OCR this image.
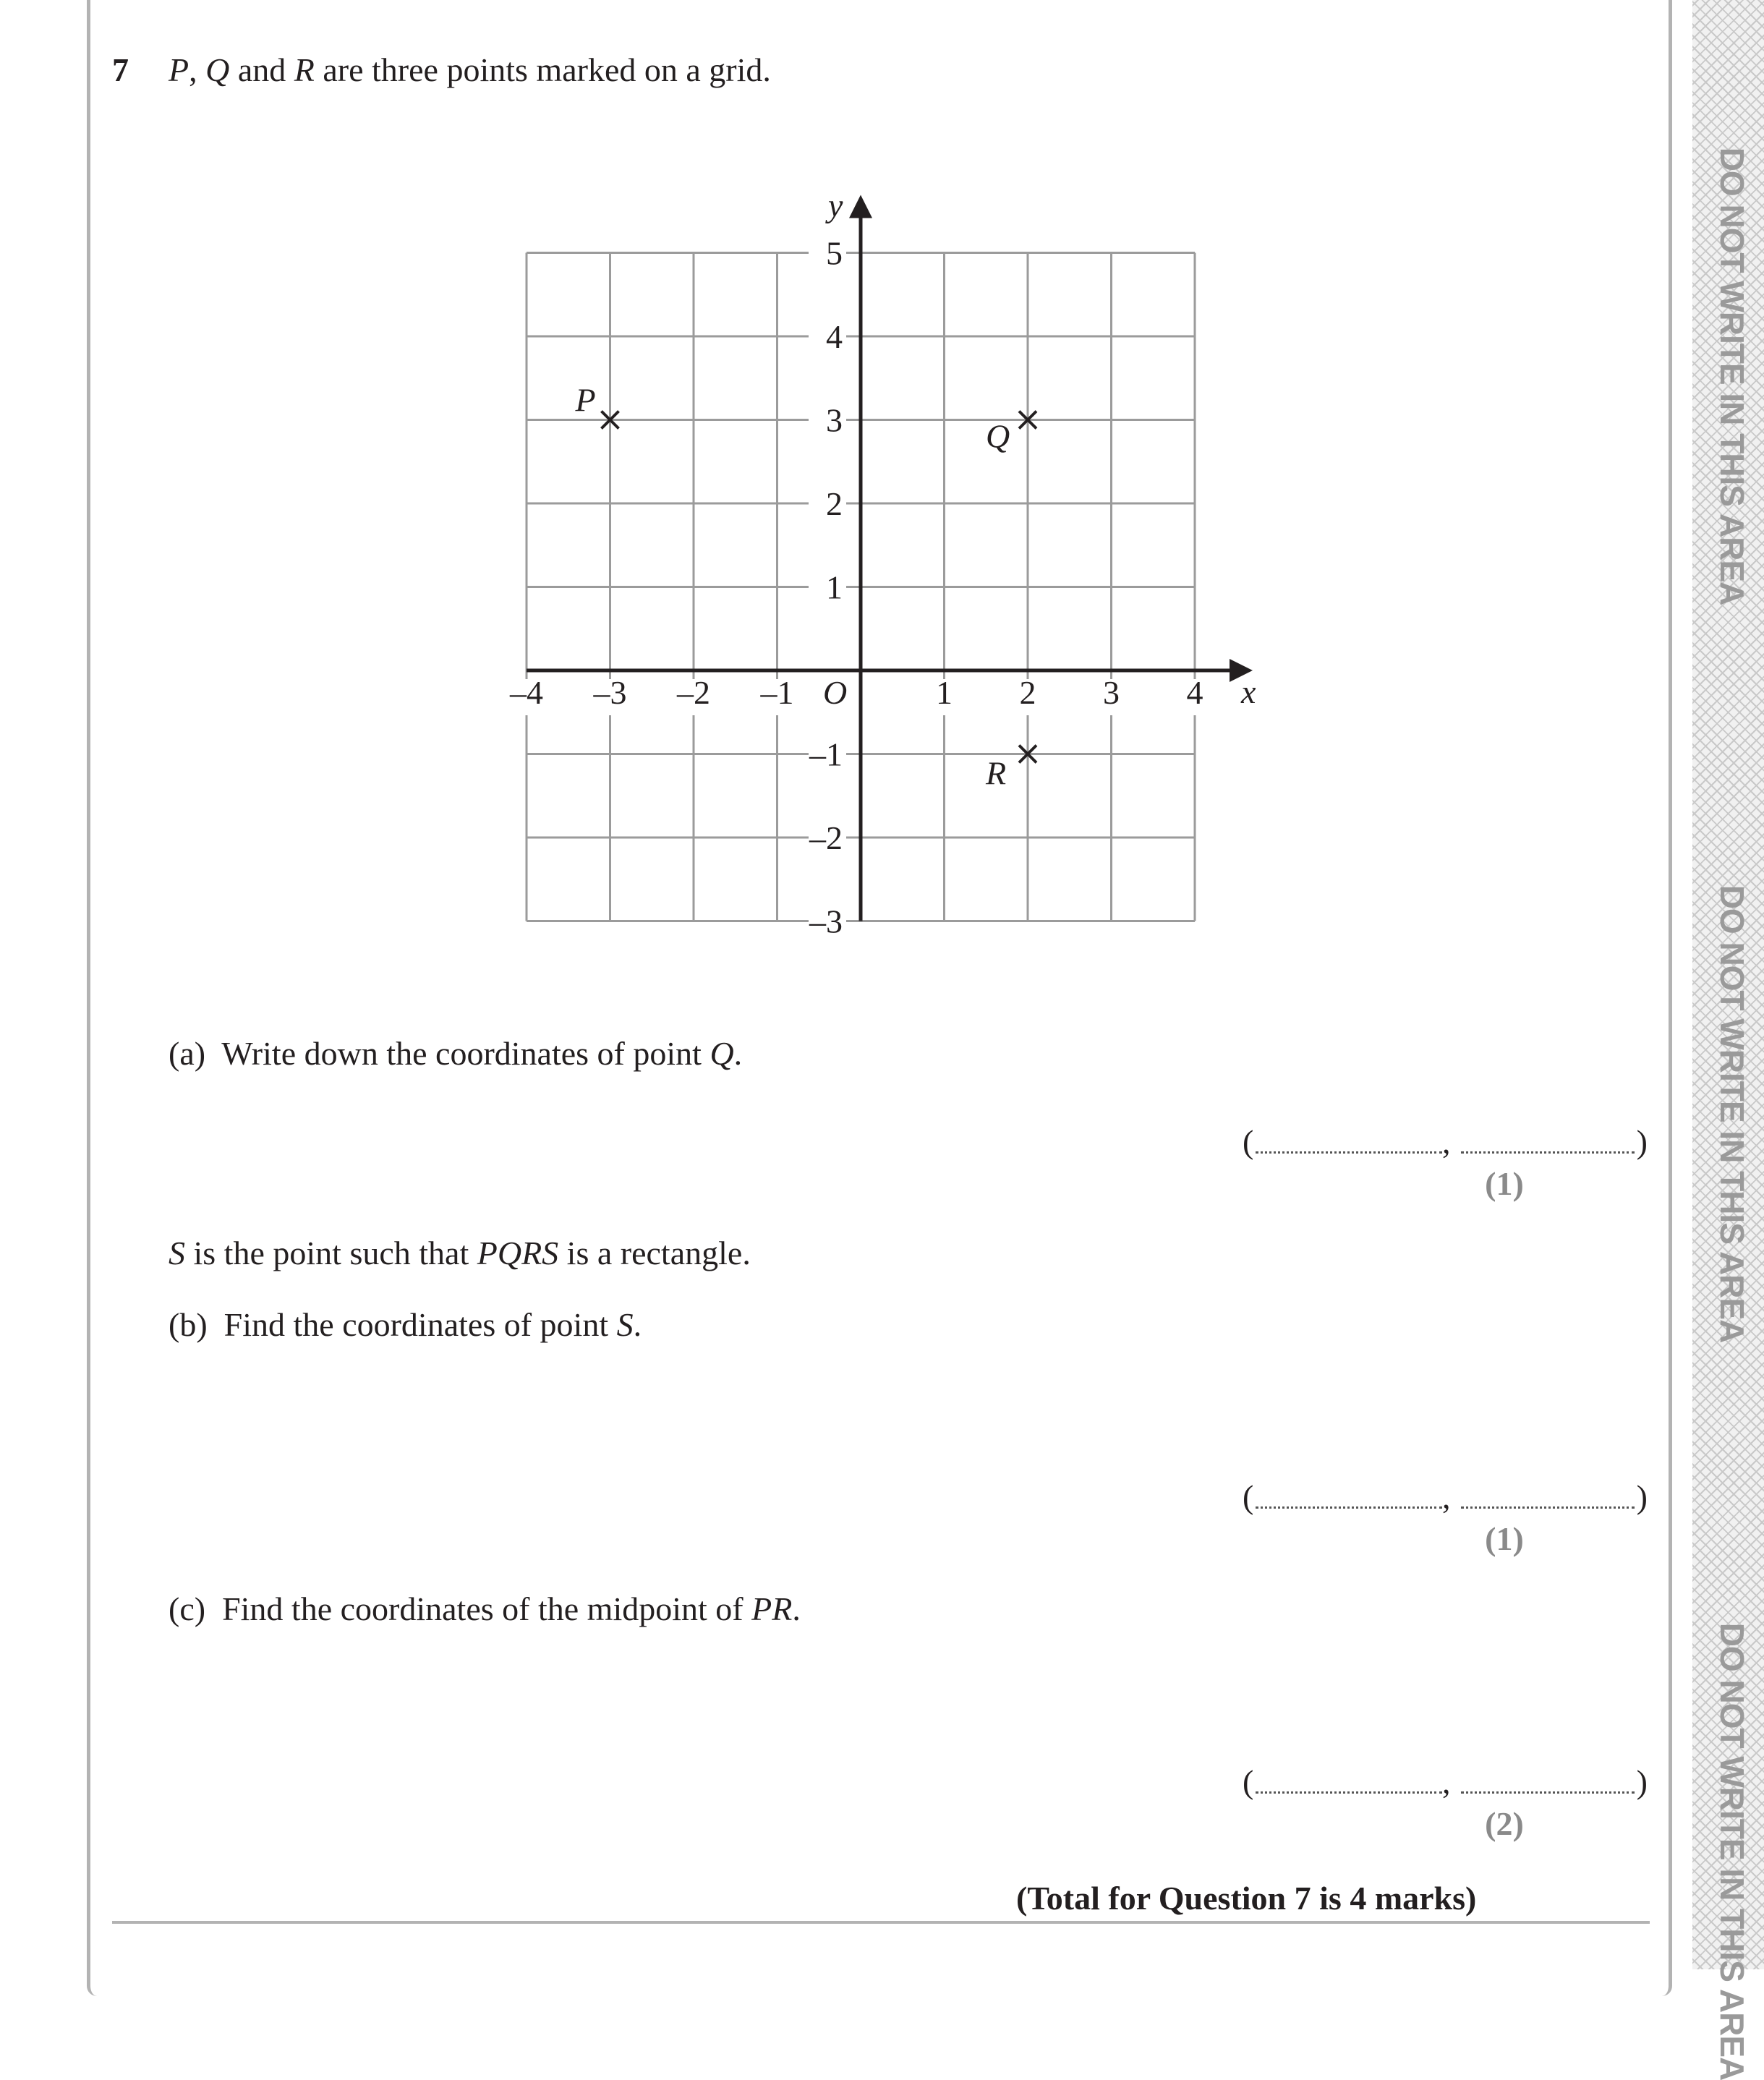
DO NOT WRITE IN THIS AREA
DO NOT WRITE IN THIS AREA
DO NOT WRITE IN THIS AREA
7 P, Q and R are three points marked on a grid.
x
y
O
–4 –3 –2 –1	1 2 3 4
–3
–2
–1
1
2
3
4
5
P
Q
R
(a) Write down the coordinates of point Q.
(	,	)
(1)
S is the point such that PQRS is a rectangle.
(b) Find the coordinates of point S.
(	,	)
(1)
(c) Find the coordinates of the midpoint of PR.
(	,	)
(2)
(Total for Question 7 is 4 marks)
